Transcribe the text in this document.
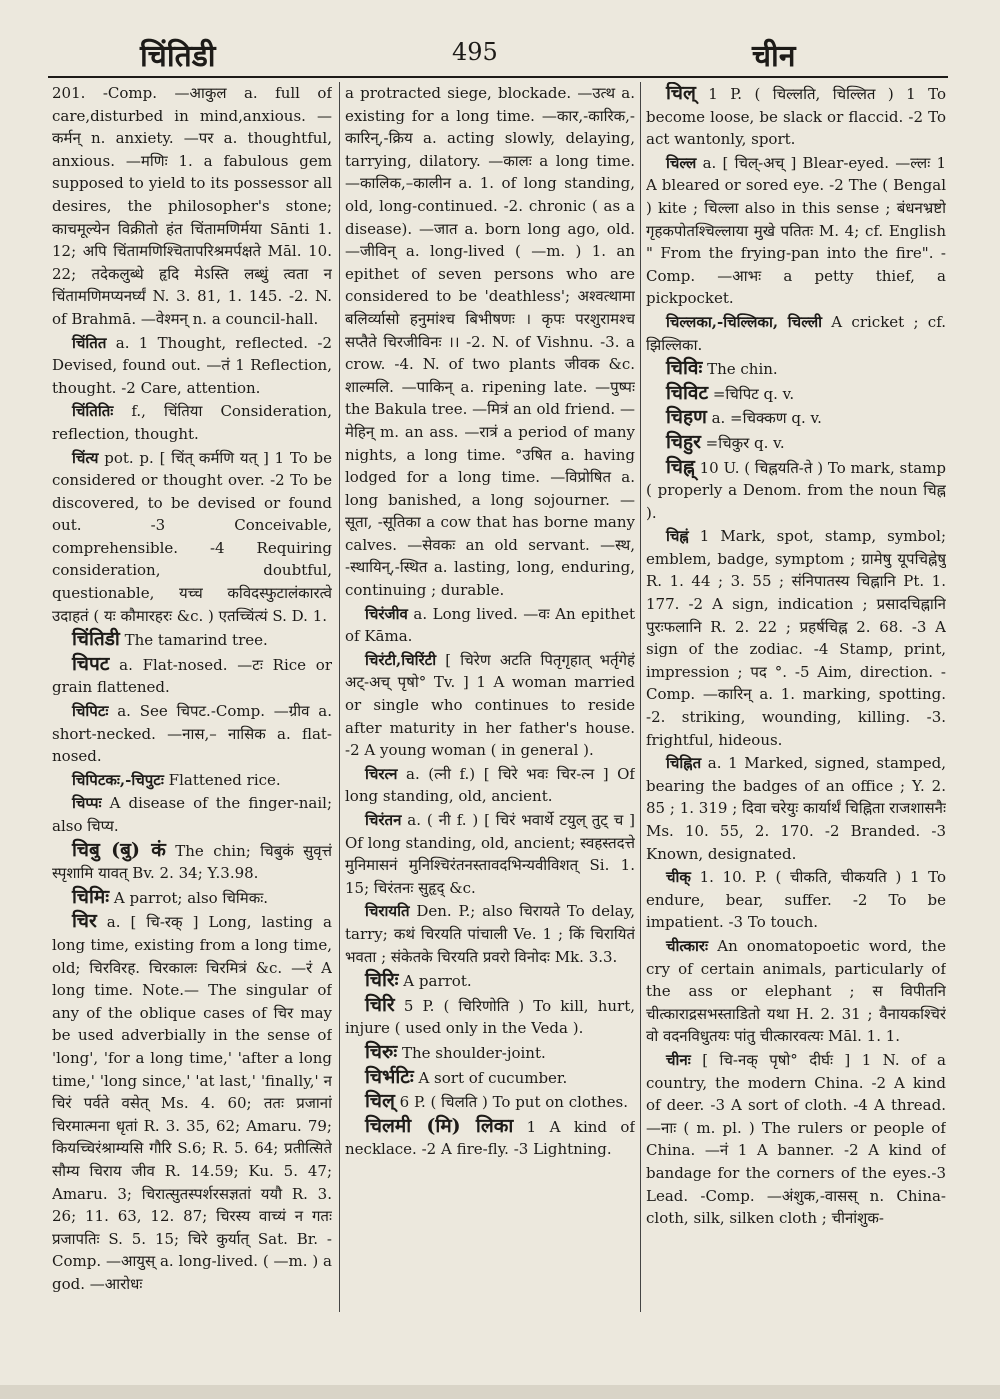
चिंतिडी	495	चीन

201. -Comp. —आकुल a. full of care,disturbed in mind,anxious. —कर्मन् n. anxiety. —पर a. thoughtful, anxious. —मणिः 1. a fabulous gem supposed to yield to its possessor all desires, the philosopher's stone; काचमूल्येन विक्रीतो हंत चिंतामणिर्मया Sānti 1. 12; अपि चिंतामणिश्चितापरिश्रमर्पक्षते Māl. 10. 22; तदेकलुब्धे हृदि मेऽस्ति लब्धुं त्वता न चिंतामणिमप्यनर्घ्यं N. 3. 81, 1. 145. -2. N. of Brahmā. —वेश्मन् n. a council-hall.

चिंतित a. 1 Thought, reflected. -2 Devised, found out. —तं 1 Reflection, thought. -2 Care, attention.

चिंतितिः f., चिंतिया Consideration, reflection, thought.

चिंत्य pot. p. [ चिंत् कर्मणि यत् ] 1 To be considered or thought over. -2 To be discovered, to be devised or found out. -3 Conceivable, comprehensible. -4 Requiring consideration, doubtful, questionable, यच्च कविदस्फुटालंकारत्वे उदाहतं ( यः कौमारहरः &c. ) एतच्चिंत्यं S. D. 1.

चिंतिडी The tamarind tree.

चिपट a. Flat-nosed. —टः Rice or grain flattened.

चिपिटः a. See चिपट.-Comp. —ग्रीव a. short-necked. —नास,– नासिक a. flat-nosed.

चिपिटकः,-चिपुटः Flattened rice.

चिप्पः A disease of the finger-nail; also चिप्य.

चिबु (बु) कं The chin; चिबुकं सुवृत्तं स्पृशामि यावत् Bv. 2. 34; Y.3.98.

चिमिः A parrot; also चिमिकः.

चिर a. [ चि-रक् ] Long, lasting a long time, existing from a long time, old; चिरविरह. चिरकालः चिरमित्रं &c. —रं A long time. Note.— The singular of any of the oblique cases of चिर may be used adverbially in the sense of 'long', 'for a long time,' 'after a long time,' 'long since,' 'at last,' 'finally,' न चिरं पर्वते वसेत् Ms. 4. 60; ततः प्रजानां चिरमात्मना धृतां R. 3. 35, 62; Amaru. 79; कियच्चिरंश्राम्यसि गौरि S.6; R. 5. 64; प्रतीत्सिते सौम्य चिराय जीव R. 14.59; Ku. 5. 47; Amaru. 3; चिरात्सुतस्पर्शरसज्ञतां ययौ R. 3. 26; 11. 63, 12. 87; चिरस्य वाच्यं न गतः प्रजापतिः S. 5. 15; चिरे कुर्यात् Sat. Br. -Comp. —आयुस् a. long-lived. ( —m. ) a god. —आरोधः

a protracted siege, blockade. —उत्थ a. existing for a long time. —कार,-कारिक,-कारिन्,-क्रिय a. acting slowly, delaying, tarrying, dilatory. —कालः a long time. —कालिक,–कालीन a. 1. of long standing, old, long-continued. -2. chronic ( as a disease). —जात a. born long ago, old. —जीविन् a. long-lived ( —m. ) 1. an epithet of seven persons who are considered to be 'deathless'; अश्वत्थामा बलिर्व्यासो हनुमांश्च बिभीषणः । कृपः परशुरामश्च सप्तैते चिरजीविनः ।। -2. N. of Vishnu. -3. a crow. -4. N. of two plants जीवक &c. शाल्मलि. —पाकिन् a. ripening late. —पुष्पः the Bakula tree. —मित्रं an old friend. —मेहिन् m. an ass. —रात्रं a period of many nights, a long time. °उषित a. having lodged for a long time. —विप्रोषित a. long banished, a long sojourner. —सूता, -सूतिका a cow that has borne many calves. —सेवकः an old servant. —स्थ, -स्थायिन्,-स्थित a. lasting, long, enduring, continuing ; durable.

चिरंजीव a. Long lived. —वः An epithet of Kāma.

चिरंटी,चिरिंटी [ चिरेण अटति पितृगृहात् भर्तृगेहं अट्-अच् पृषो° Tv. ] 1 A woman married or single who continues to reside after maturity in her father's house. -2 A young woman ( in general ).

चिरत्न a. (त्नी f.) [ चिरे भवः चिर-त्न ] Of long standing, old, ancient.

चिरंतन a. ( नी f. ) [ चिरं भवार्थे टयुल् तुट् च ] Of long standing, old, ancient; स्वहस्तदत्ते मुनिमासनं मुनिश्चिरंतनस्तावदभिन्यवीविशत् Si. 1. 15; चिरंतनः सुहृद् &c.

चिरायति Den. P.; also चिरायते To delay, tarry; कथं चिरयति पांचाली Ve. 1 ; किं चिरायितं भवता ; संकेतके चिरयति प्रवरो विनोदः Mk. 3.3.

चिरिः A parrot.

चिरि 5 P. ( चिरिणोति ) To kill, hurt, injure ( used only in the Veda ).

चिरुः The shoulder-joint.

चिर्भटिः A sort of cucumber.

चिल् 6 P. ( चिलति ) To put on clothes.

चिलमी (मि) लिका 1 A kind of necklace. -2 A fire-fly. -3 Lightning.

चिल् 1 P. ( चिल्लति, चिल्लित ) 1 To become loose, be slack or flaccid. -2 To act wantonly, sport.

चिल्ल a. [ चिल्-अच् ] Blear-eyed. —ल्लः 1 A bleared or sored eye. -2 The ( Bengal ) kite ; चिल्ला also in this sense ; बंधनभ्रष्टो गृहकपोतश्चिल्लाया मुखे पतितः M. 4; cf. English " From the frying-pan into the fire". -Comp. —आभः a petty thief, a pickpocket.

चिल्लका,-चिल्लिका, चिल्ली A cricket ; cf. झिल्लिका.

चिविः The chin.

चिविट =चिपिट q. v.

चिहण a. =चिक्कण q. v.

चिहुर =चिकुर q. v.

चिह्न् 10 U. ( चिह्नयति-ते ) To mark, stamp ( properly a Denom. from the noun चिह्न ).

चिह्नं 1 Mark, spot, stamp, symbol; emblem, badge, symptom ; ग्रामेषु यूपचिह्नेषु R. 1. 44 ; 3. 55 ; संनिपातस्य चिह्नानि Pt. 1. 177. -2 A sign, indication ; प्रसादचिह्नानि पुरःफलानि R. 2. 22 ; प्रहर्षचिह्न 2. 68. -3 A sign of the zodiac. -4 Stamp, print, impression ; पद °. -5 Aim, direction. -Comp. —कारिन् a. 1. marking, spotting. -2. striking, wounding, killing. -3. frightful, hideous.

चिह्नित a. 1 Marked, signed, stamped, bearing the badges of an office ; Y. 2. 85 ; 1. 319 ; दिवा चरेयुः कार्यार्थं चिह्निता राजशासनैः Ms. 10. 55, 2. 170. -2 Branded. -3 Known, designated.

चीक् 1. 10. P. ( चीकति, चीकयति ) 1 To endure, bear, suffer. -2 To be impatient. -3 To touch.

चीत्कारः An onomatopoetic word, the cry of certain animals, particularly of the ass or elephant ; स विपीतनि चीत्काराद्रसभस्ताडितो यथा H. 2. 31 ; वैनायकश्चिरं वो वदनविधुतयः पांतु चीत्कारवत्यः Māl. 1. 1.

चीनः [ चि-नक् पृषो° दीर्घः ] 1 N. of a country, the modern China. -2 A kind of deer. -3 A sort of cloth. -4 A thread. —नाः ( m. pl. ) The rulers or people of China. —नं 1 A banner. -2 A kind of bandage for the corners of the eyes.-3 Lead. -Comp. —अंशुक,-वासस् n. China-cloth, silk, silken cloth ; चीनांशुक-
